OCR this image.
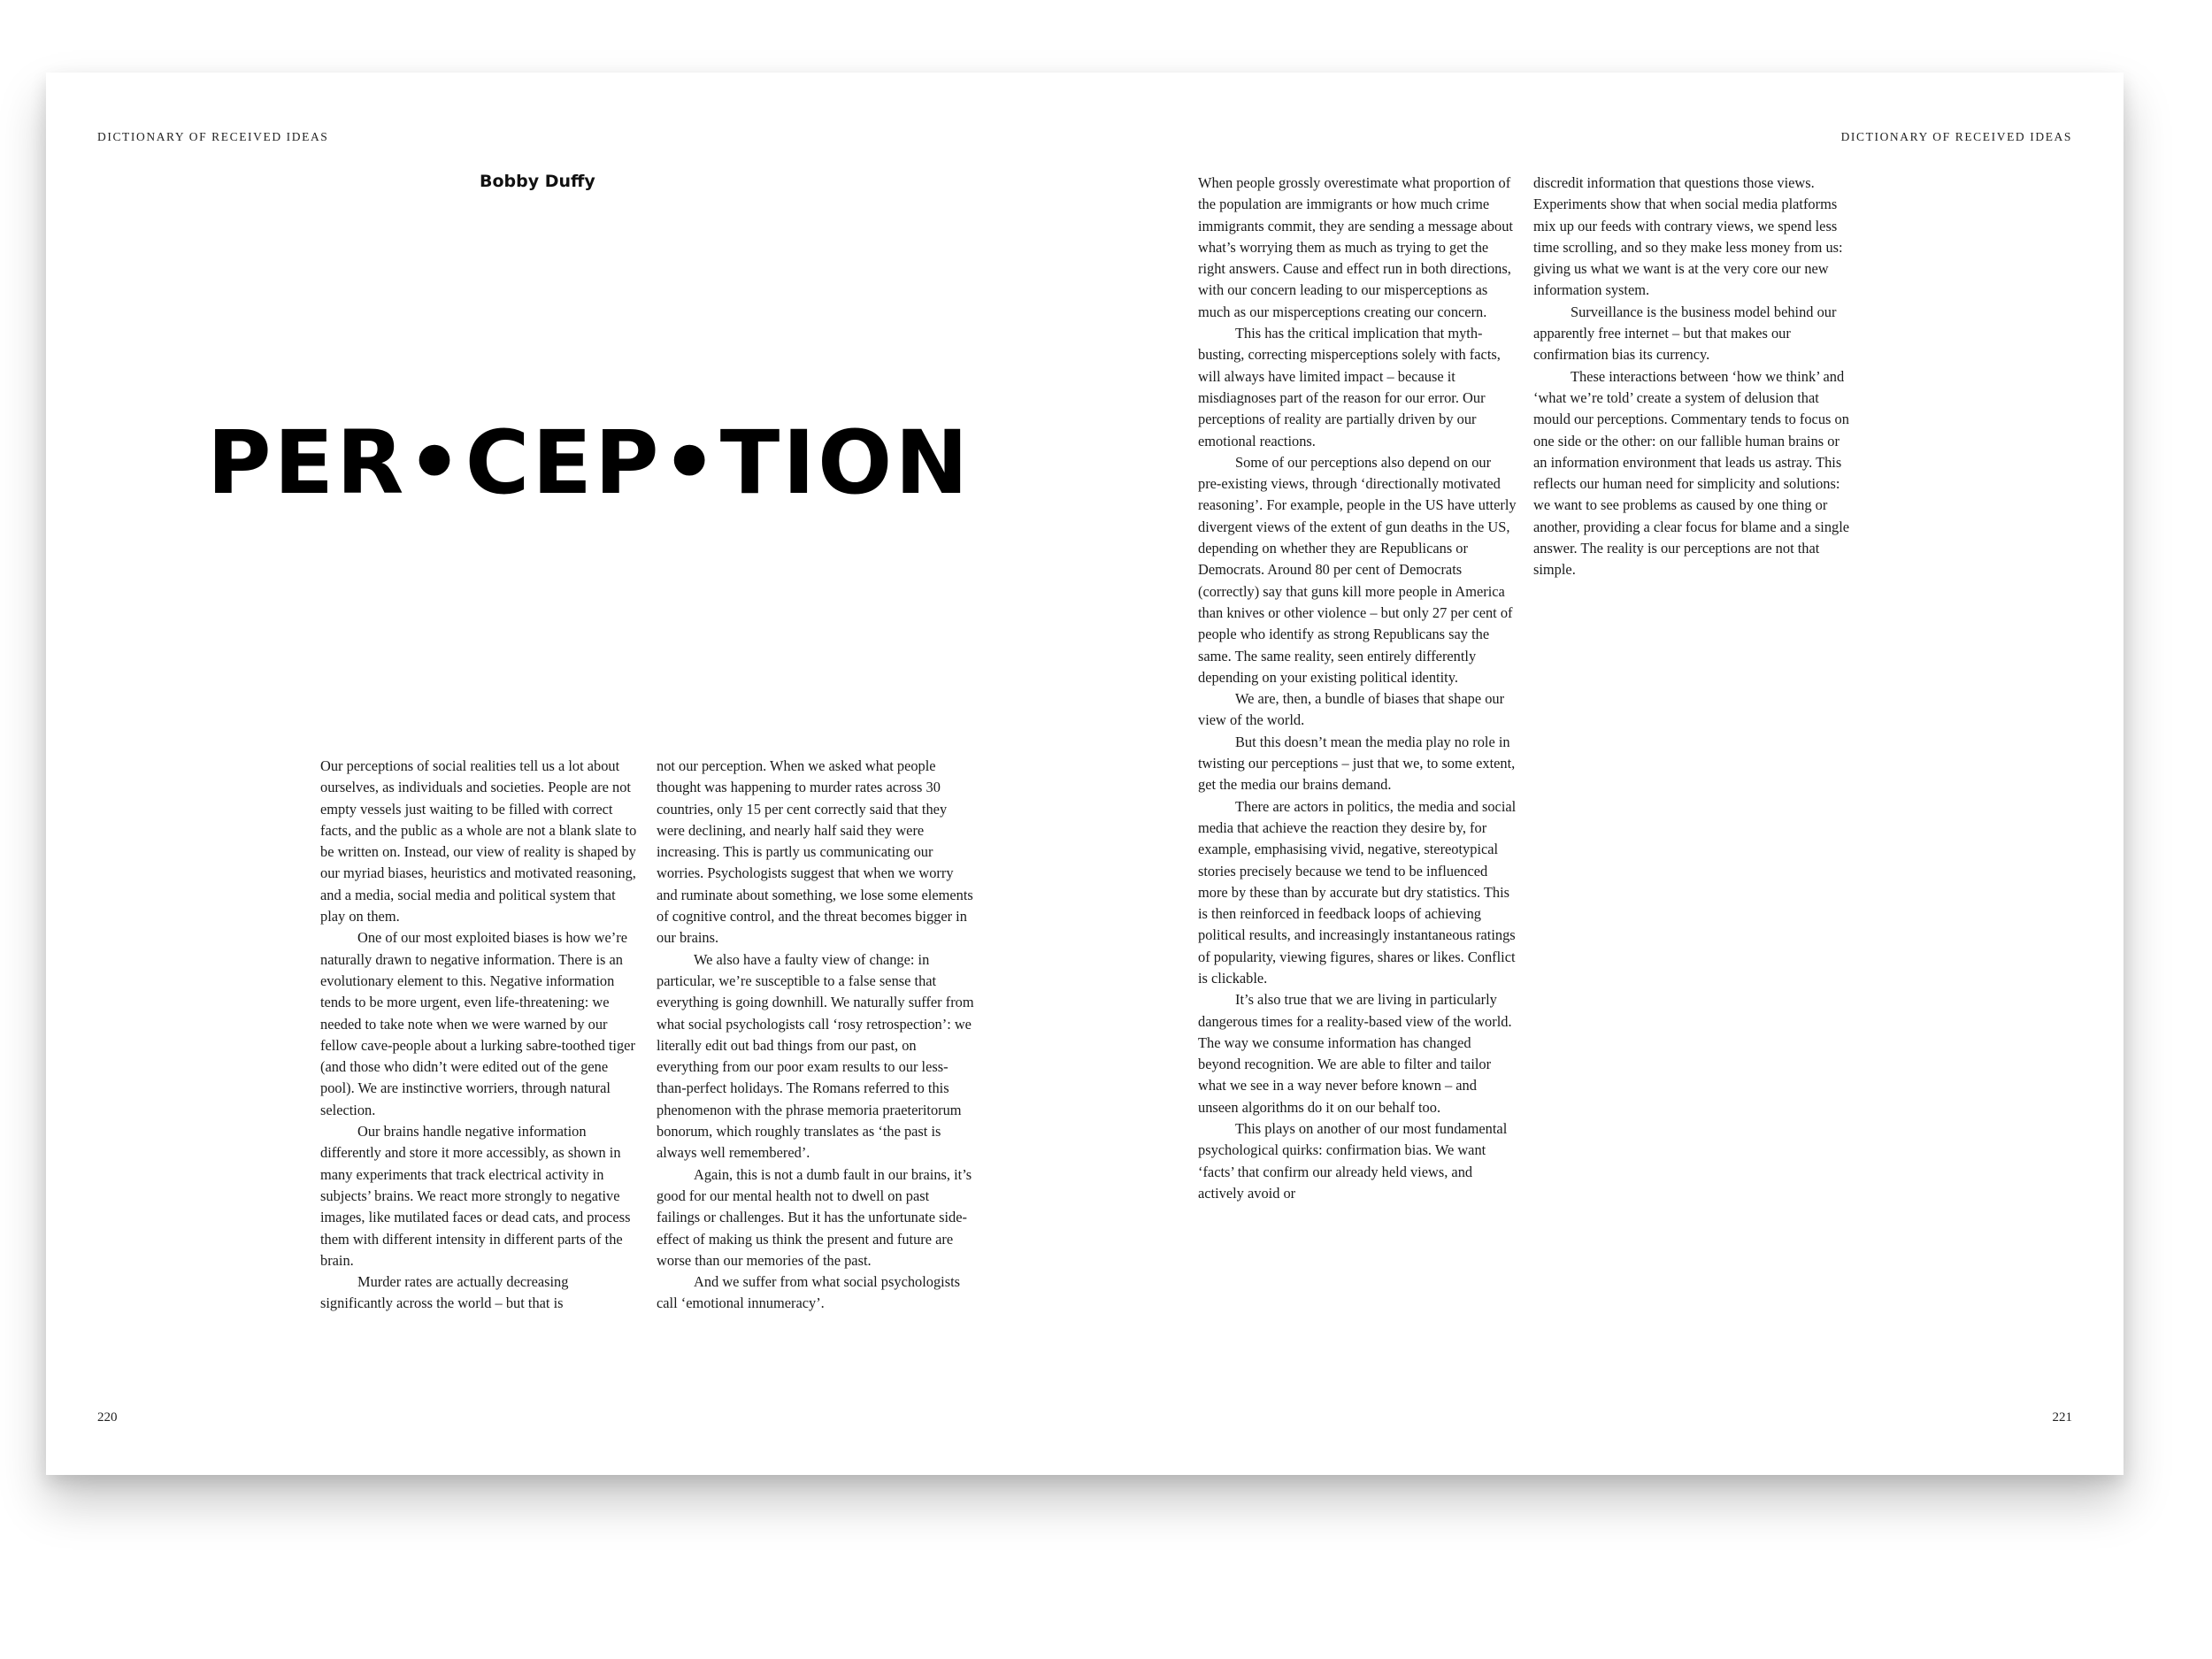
DICTIONARY OF RECEIVED IDEAS	DICTIONARY OF RECEIVED IDEAS
Bobby Duffy
PER•CEP•TION

Our perceptions of social realities tell us a lot about ourselves, as individuals and societies. People are not empty vessels just waiting to be filled with correct facts, and the public as a whole are not a blank slate to be written on. Instead, our view of reality is shaped by our myriad biases, heuristics and motivated reasoning, and a media, social media and political system that play on them.

One of our most exploited biases is how we’re naturally drawn to negative information. There is an evolutionary element to this. Negative information tends to be more urgent, even life-threatening: we needed to take note when we were warned by our fellow cave-people about a lurking sabre-toothed tiger (and those who didn’t were edited out of the gene pool). We are instinctive worriers, through natural selection.

Our brains handle negative information differently and store it more accessibly, as shown in many experiments that track electrical activity in subjects’ brains. We react more strongly to negative images, like mutilated faces or dead cats, and process them with different intensity in different parts of the brain.

Murder rates are actually decreasing significantly across the world – but that is

not our perception. When we asked what people thought was happening to murder rates across 30 countries, only 15 per cent correctly said that they were declining, and nearly half said they were increasing. This is partly us communicating our worries. Psychologists suggest that when we worry and ruminate about something, we lose some elements of cognitive control, and the threat becomes bigger in our brains.

We also have a faulty view of change: in particular, we’re susceptible to a false sense that everything is going downhill. We naturally suffer from what social psychologists call ‘rosy retrospection’: we literally edit out bad things from our past, on everything from our poor exam results to our less-than-perfect holidays. The Romans referred to this phenomenon with the phrase memoria praeteritorum bonorum, which roughly translates as ‘the past is always well remembered’.

Again, this is not a dumb fault in our brains, it’s good for our mental health not to dwell on past failings or challenges. But it has the unfortunate side-effect of making us think the present and future are worse than our memories of the past.

And we suffer from what social psychologists call ‘emotional innumeracy’.

When people grossly overestimate what proportion of the population are immigrants or how much crime immigrants commit, they are sending a message about what’s worrying them as much as trying to get the right answers. Cause and effect run in both directions, with our concern leading to our misperceptions as much as our misperceptions creating our concern.

This has the critical implication that myth-busting, correcting misperceptions solely with facts, will always have limited impact – because it misdiagnoses part of the reason for our error. Our perceptions of reality are partially driven by our emotional reactions.

Some of our perceptions also depend on our pre-existing views, through ‘directionally motivated reasoning’. For example, people in the US have utterly divergent views of the extent of gun deaths in the US, depending on whether they are Republicans or Democrats. Around 80 per cent of Democrats (correctly) say that guns kill more people in America than knives or other violence – but only 27 per cent of people who identify as strong Republicans say the same. The same reality, seen entirely differently depending on your existing political identity.

We are, then, a bundle of biases that shape our view of the world.

But this doesn’t mean the media play no role in twisting our perceptions – just that we, to some extent, get the media our brains demand.

There are actors in politics, the media and social media that achieve the reaction they desire by, for example, emphasising vivid, negative, stereotypical stories precisely because we tend to be influenced more by these than by accurate but dry statistics. This is then reinforced in feedback loops of achieving political results, and increasingly instantaneous ratings of popularity, viewing figures, shares or likes. Conflict is clickable.

It’s also true that we are living in particularly dangerous times for a reality-based view of the world. The way we consume information has changed beyond recognition. We are able to filter and tailor what we see in a way never before known – and unseen algorithms do it on our behalf too.

This plays on another of our most fundamental psychological quirks: confirmation bias. We want ‘facts’ that confirm our already held views, and actively avoid or

discredit information that questions those views. Experiments show that when social media platforms mix up our feeds with contrary views, we spend less time scrolling, and so they make less money from us: giving us what we want is at the very core our new information system.

Surveillance is the business model behind our apparently free internet – but that makes our confirmation bias its currency.

These interactions between ‘how we think’ and ‘what we’re told’ create a system of delusion that mould our perceptions. Commentary tends to focus on one side or the other: on our fallible human brains or an information environment that leads us astray. This reflects our human need for simplicity and solutions: we want to see problems as caused by one thing or another, providing a clear focus for blame and a single answer. The reality is our perceptions are not that simple.

220	221
